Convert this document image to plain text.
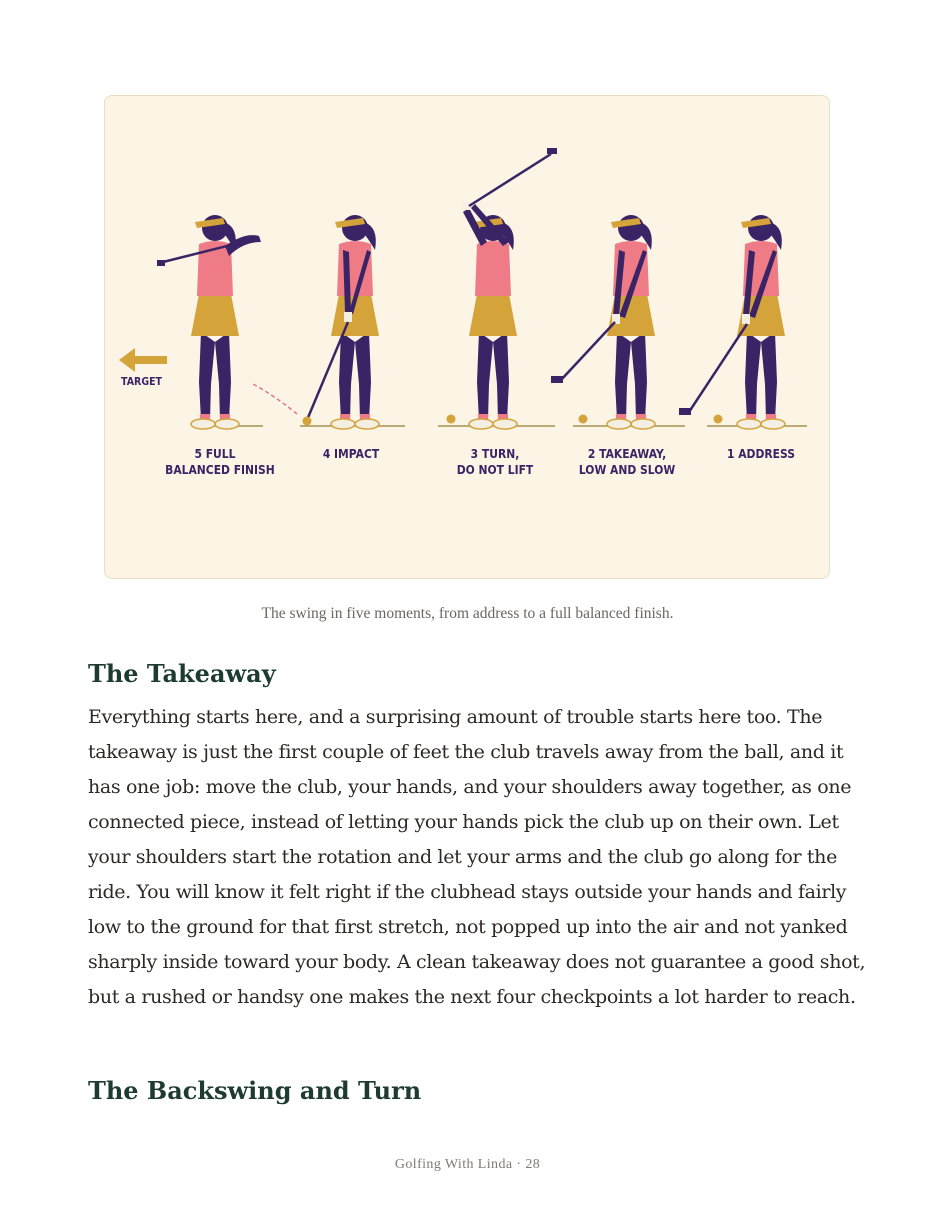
TARGET
5 FULL
BALANCED FINISH
4 IMPACT	3 TURN,
DO NOT LIFT
2 TAKEAWAY,
LOW AND SLOW
1 ADDRESS
The swing in five moments, from address to a full balanced finish.
The Takeaway

Everything starts here, and a surprising amount of trouble starts here too. The takeaway is just the first couple of feet the club travels away from the ball, and it has one job: move the club, your hands, and your shoulders away together, as one connected piece, instead of letting your hands pick the club up on their own. Let your shoulders start the rotation and let your arms and the club go along for the ride. You will know it felt right if the clubhead stays outside your hands and fairly low to the ground for that first stretch, not popped up into the air and not yanked sharply inside toward your body. A clean takeaway does not guarantee a good shot, but a rushed or handsy one makes the next four checkpoints a lot harder to reach.

The Backswing and Turn
Golfing With Linda · 28
